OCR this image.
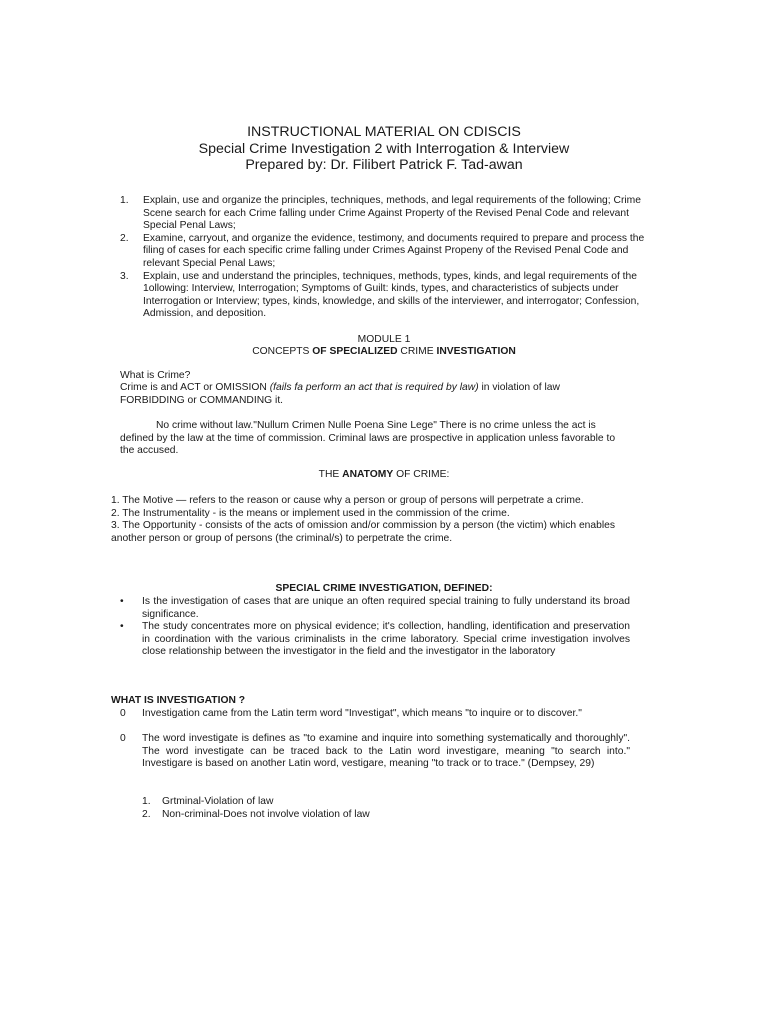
INSTRUCTIONAL MATERIAL ON CDISCIS
Special Crime Investigation 2 with Interrogation & Interview
Prepared by: Dr. Filibert Patrick F. Tad-awan
1. Explain, use and organize the principles, techniques, methods, and legal requirements of the following; Crime Scene search for each Crime falling under Crime Against Property of the Revised Penal Code and relevant Special Penal Laws;
2. Examine, carryout, and organize the evidence, testimony, and documents required to prepare and process the filing of cases for each specific crime falling under Crimes Against Propeny of the Revised Penal Code and relevant Special Penal Laws;
3. Explain, use and understand the principles, techniques, methods, types, kinds, and legal requirements of the 1ollowing: Interview, Interrogation; Symptoms of Guilt: kinds, types, and characteristics of subjects under Interrogation or Interview; types, kinds, knowledge, and skills of the interviewer, and interrogator; Confession, Admission, and deposition.
MODULE 1
CONCEPTS OF SPECIALIZED CRIME INVESTIGATION
What is Crime?
Crime is and ACT or OMISSION (fails fa perform an act that is required by law) in violation of law FORBIDDING or COMMANDING it.
No crime without law."Nullum Crimen Nulle Poena Sine Lege" There is no crime unless the act is defined by the law at the time of commission. Criminal laws are prospective in application unless favorable to the accused.
THE ANATOMY OF CRIME:
1. The Motive — refers to the reason or cause why a person or group of persons will perpetrate a crime.
2. The Instrumentality - is the means or implement used in the commission of the crime.
3. The Opportunity - consists of the acts of omission and/or commission by a person (the victim) which enables another person or group of persons (the criminal/s) to perpetrate the crime.
SPECIAL CRIME INVESTIGATION, DEFINED:
• Is the investigation of cases that are unique an often required special training to fully understand its broad significance.
• The study concentrates more on physical evidence; it's collection, handling, identification and preservation in coordination with the various criminalists in the crime laboratory. Special crime investigation involves close relationship between the investigator in the field and the investigator in the laboratory
WHAT IS INVESTIGATION ?
0	Investigation came from the Latin term word "Investigat", which means "to inquire or to discover."
0	The word investigate is defines as "to examine and inquire into something systematically and thoroughly". The word investigate can be traced back to the Latin word investigare, meaning "to search into." Investigare is based on another Latin word, vestigare, meaning "to track or to trace." (Dempsey, 29)
1. Grtminal-Violation of law
2. Non-criminal-Does not involve violation of law
